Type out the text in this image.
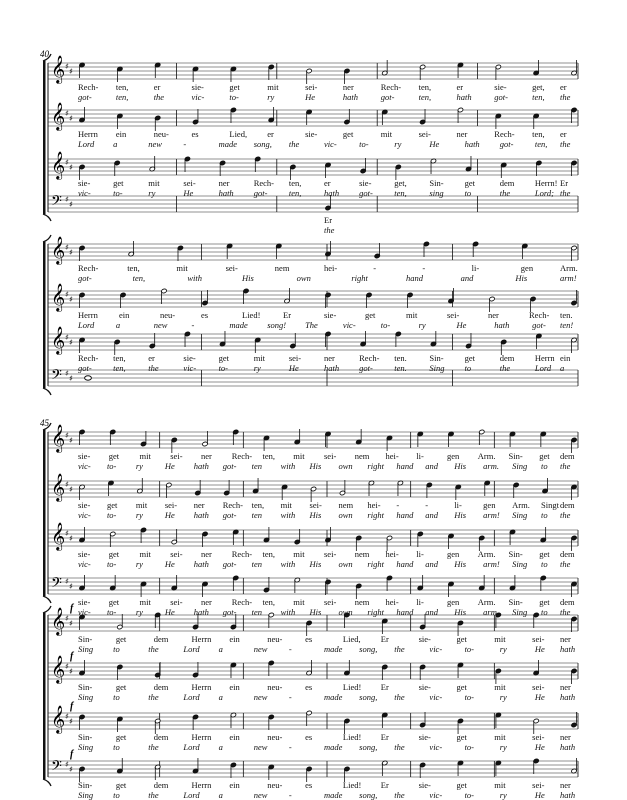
40
𝄞 ♯
♯
𝄞 ♯
♯
𝄞 ♯
♯
𝄢 ♯
♯
𝄞 ♯
♯
𝄞 ♯
♯
𝄞 ♯
♯
𝄢 ♯
♯
45
𝄞 ♯
♯
𝄞 ♯
♯
𝄞 ♯
♯
𝄢 ♯
♯
𝄞 ♯
♯
f
𝄞 ♯
♯
f
𝄞 ♯
♯
f
𝄢 ♯
♯
f
Rech- ten,	er	sie-	get	mit	sei-	ner	Rech- ten,	er	sie-	get, er
got-	ten,	the	vic-	to-	ry	He	hath	got-	ten,	hath	got-	ten, the
Herrn ein	neu-	es	Lied, er	sie-	get	mit	sei-	ner	Rech- ten, er
Lord a	new	-	made song, the	vic-	to-	ry	He	hath got-	ten, the
sie-	get	mit	sei-	ner	Rech- ten,	er	sie-	get,	Sin- get	dem Herrn! Er
vic-	to-	ry	He	hath got-	ten,	hath got-	ten,	sing to	the	Lord; the
Er
the
Rech-	ten,	mit	sei-	nem	hei-	-	-	li-	gen	Arm.
got-	ten,	with	His	own	right	hand	and	His	arm!
Herrn ein	neu-	es	Lied!	Er	sie-	get	mit	sei-	ner	Rech- ten.
Lord	a	new	-	made song! The	vic-	to-	ry	He	hath	got- ten!
Rech- ten,	er	sie-	get	mit	sei-	ner	Rech- ten.	Sin- get	dem Herrn ein
got-	ten,	the	vic-	to-	ry	He	hath got-	ten.	Sing to	the	Lord a
sie- get mit sei- ner Rech- ten, mit sei- nem hei- li-	gen Arm. Sin- get dem
vic- to- ry	He hath got- ten with His own right hand and His arm. Sing to the
sie- get mit sei- ner Rech- ten, mit sei- nem hei- -	-	li-	gen Arm. Singt dem
vic- to- ry	He hath got- ten with His own right hand and His arm! Sing to the
sie- get mit sei- ner Rech- ten, mit sei- nem hei- li-	gen Arm. Sin- get dem
vic- to- ry	He hath got- ten with His own right hand and His arm! Sing to the
sie- get mit sei- ner Rech- ten, mit sei- nem hei- li-	gen Arm. Sin- get dem
vic- to- ry	He hath got- ten with His own right hand and His arm. Sing to the
Sin-	get	dem	Herrn ein	neu-	es	Lied, Er	sie-	get	mit	sei- ner
Sing to	the	Lord a	new	-	made song, the	vic-	to-	ry	He hath
Sin-	get	dem	Herrn ein	neu-	es	Lied! Er	sie-	get	mit	sei- ner
Sing to	the	Lord a	new	-	made song, the	vic-	to-	ry	He hath
Sin-	get	dem	Herrn ein	neu-	es	Lied! Er	sie-	get	mit	sei- ner
Sing to	the	Lord a	new	-	made song, the	vic-	to-	ry	He hath
Sin-	get	dem	Herrn ein	neu-	es	Lied! Er	sie-	get	mit	sei- ner
Sing to	the	Lord a	new	-	made song, the	vic-	to-	ry	He hath
